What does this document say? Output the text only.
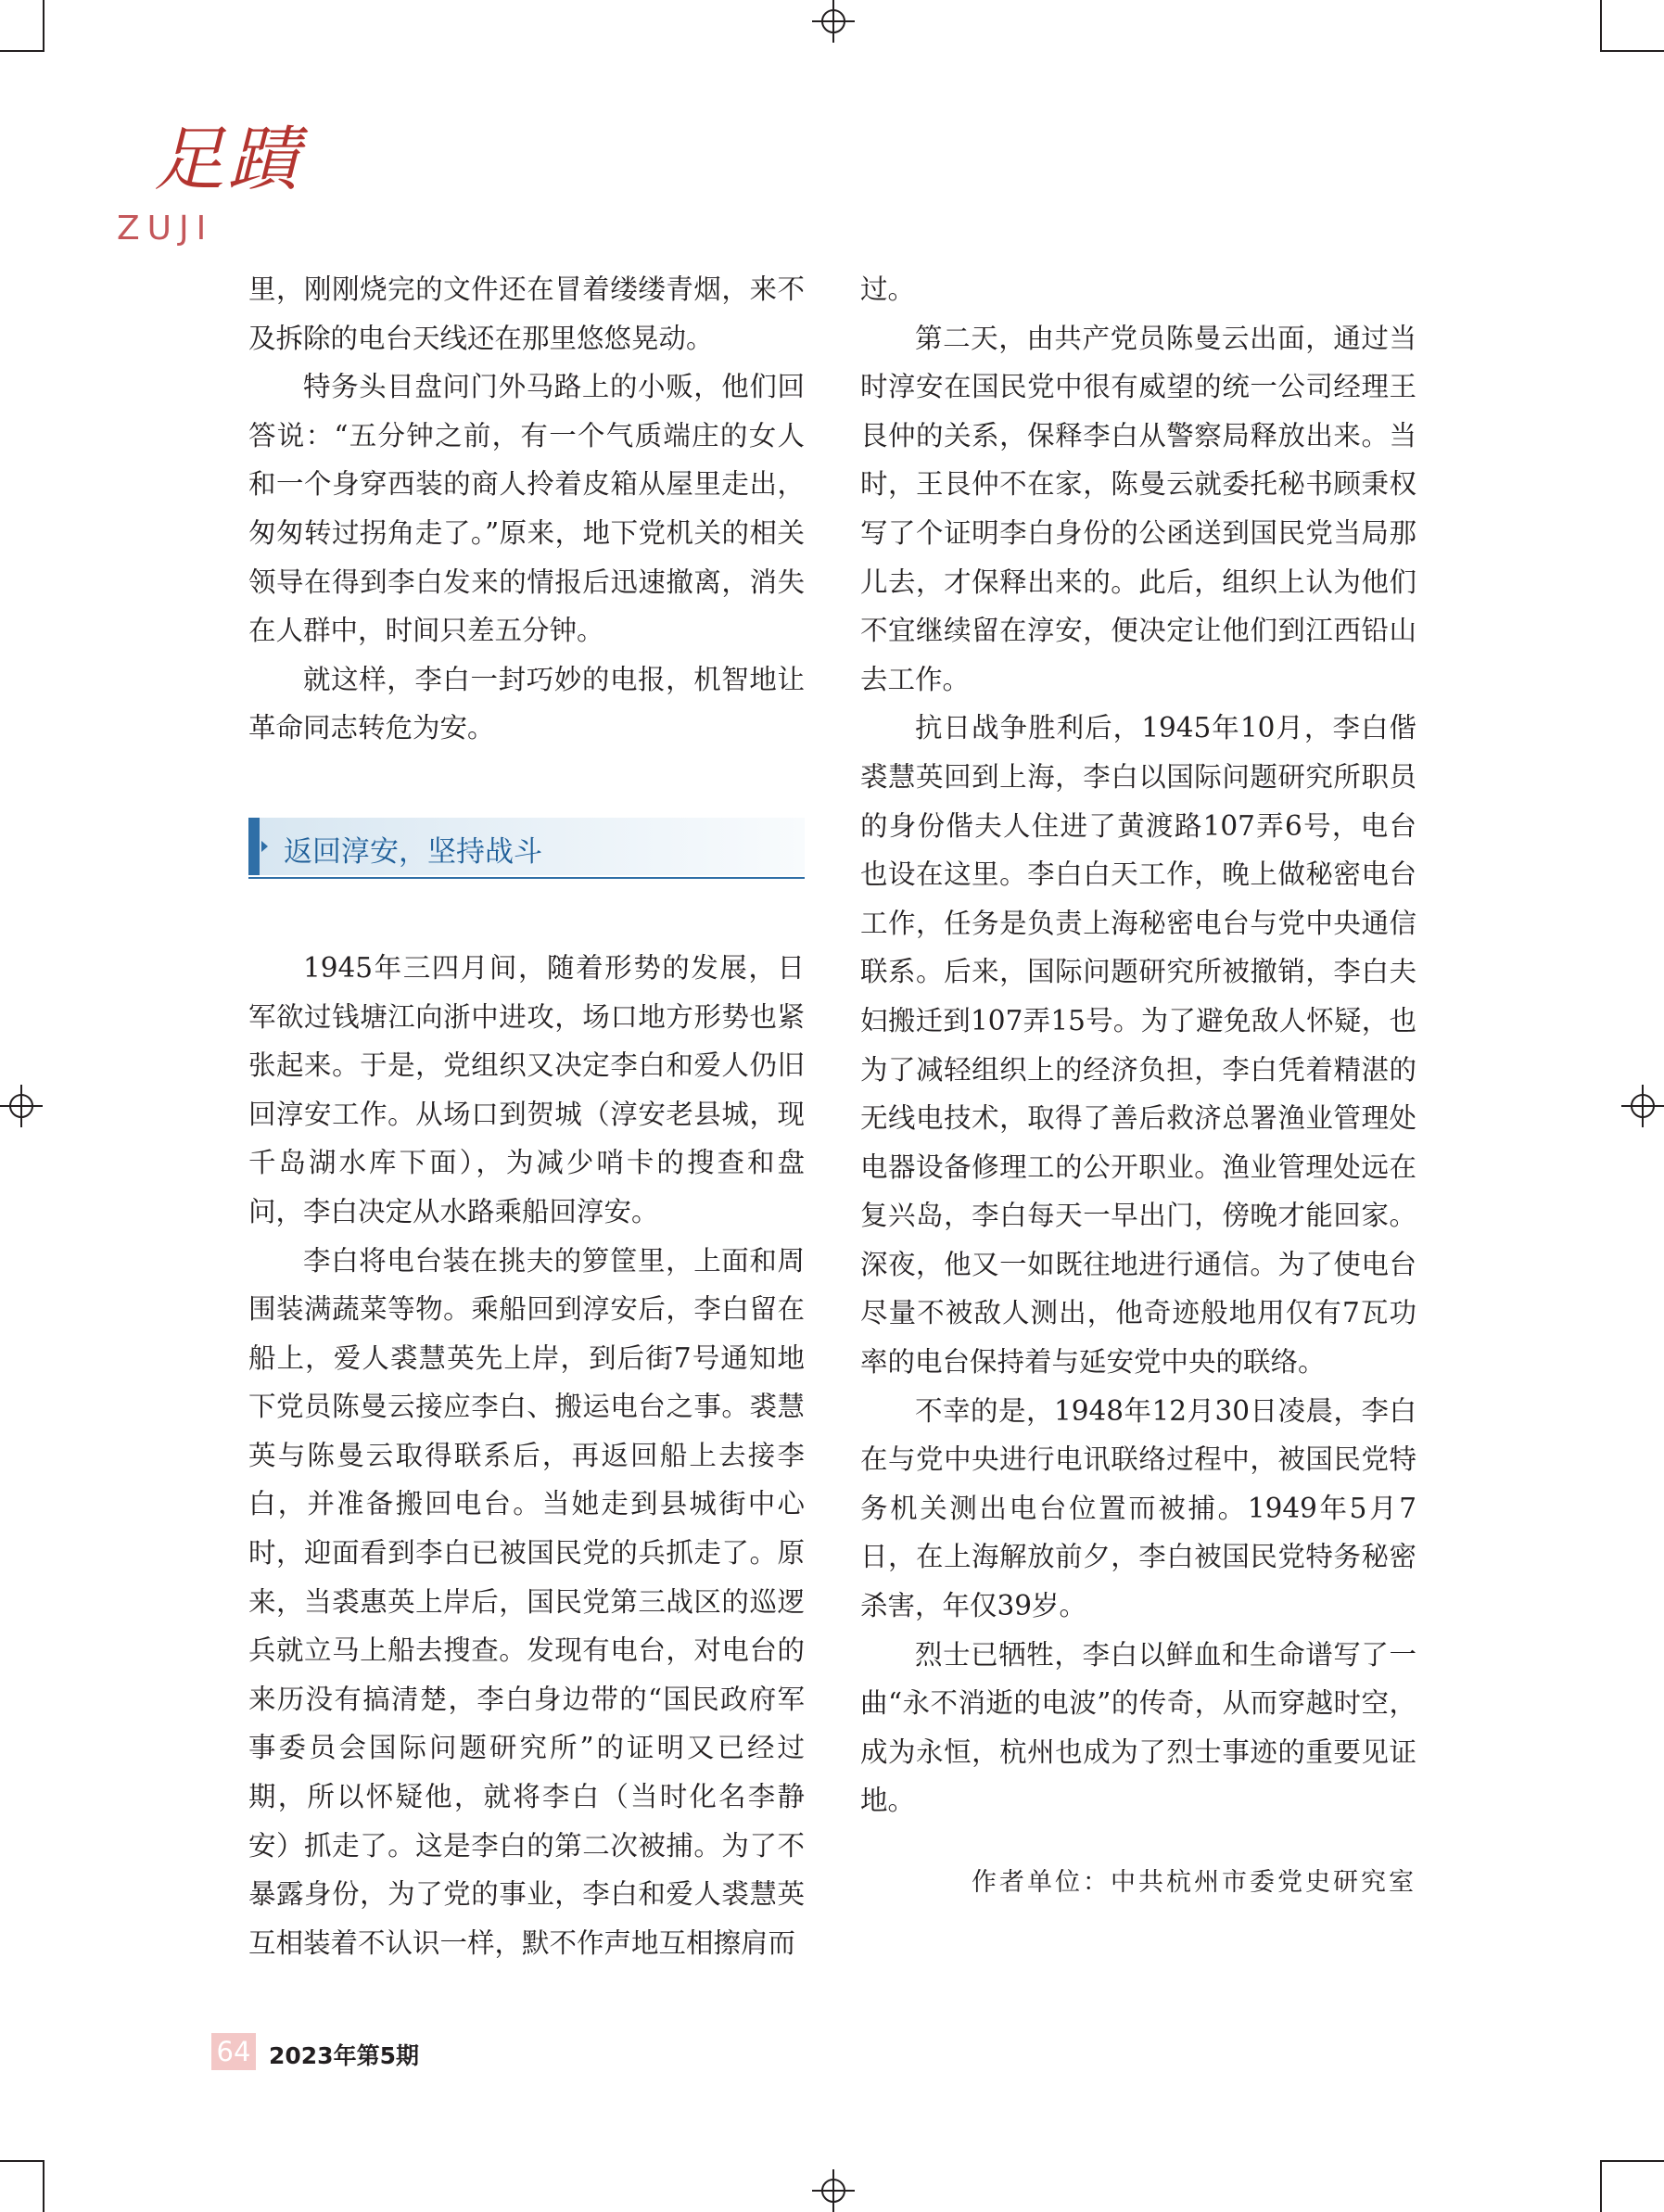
足蹟
ZUJI

里，刚刚烧完的文件还在冒着缕缕青烟，来不及拆除的电台天线还在那里悠悠晃动。

特务头目盘问门外马路上的小贩，他们回答说：“五分钟之前，有一个气质端庄的女人和一个身穿西装的商人拎着皮箱从屋里走出，匆匆转过拐角走了。”原来，地下党机关的相关领导在得到李白发来的情报后迅速撤离，消失在人群中，时间只差五分钟。

就这样，李白一封巧妙的电报，机智地让革命同志转危为安。

返回淳安，坚持战斗

1945年三四月间，随着形势的发展，日军欲过钱塘江向浙中进攻，场口地方形势也紧张起来。于是，党组织又决定李白和爱人仍旧回淳安工作。从场口到贺城（淳安老县城，现千岛湖水库下面），为减少哨卡的搜查和盘问，李白决定从水路乘船回淳安。

李白将电台装在挑夫的箩筐里，上面和周围装满蔬菜等物。乘船回到淳安后，李白留在船上，爱人裘慧英先上岸，到后街7号通知地下党员陈曼云接应李白、搬运电台之事。裘慧英与陈曼云取得联系后，再返回船上去接李白，并准备搬回电台。当她走到县城街中心时，迎面看到李白已被国民党的兵抓走了。原来，当裘惠英上岸后，国民党第三战区的巡逻兵就立马上船去搜查。发现有电台，对电台的来历没有搞清楚，李白身边带的“国民政府军事委员会国际问题研究所”的证明又已经过期，所以怀疑他，就将李白（当时化名李静安）抓走了。这是李白的第二次被捕。为了不暴露身份，为了党的事业，李白和爱人裘慧英互相装着不认识一样，默不作声地互相擦肩而

过。

第二天，由共产党员陈曼云出面，通过当时淳安在国民党中很有威望的统一公司经理王艮仲的关系，保释李白从警察局释放出来。当时，王艮仲不在家，陈曼云就委托秘书顾秉权写了个证明李白身份的公函送到国民党当局那儿去，才保释出来的。此后，组织上认为他们不宜继续留在淳安，便决定让他们到江西铅山去工作。

抗日战争胜利后，1945年10月，李白偕裘慧英回到上海，李白以国际问题研究所职员的身份偕夫人住进了黄渡路107弄6号，电台也设在这里。李白白天工作，晚上做秘密电台工作，任务是负责上海秘密电台与党中央通信联系。后来，国际问题研究所被撤销，李白夫妇搬迁到107弄15号。为了避免敌人怀疑，也为了减轻组织上的经济负担，李白凭着精湛的无线电技术，取得了善后救济总署渔业管理处电器设备修理工的公开职业。渔业管理处远在复兴岛，李白每天一早出门，傍晚才能回家。深夜，他又一如既往地进行通信。为了使电台尽量不被敌人测出，他奇迹般地用仅有7瓦功率的电台保持着与延安党中央的联络。

不幸的是，1948年12月30日凌晨，李白在与党中央进行电讯联络过程中，被国民党特务机关测出电台位置而被捕。1949年5月7日，在上海解放前夕，李白被国民党特务秘密杀害，年仅39岁。

烈士已牺牲，李白以鲜血和生命谱写了一曲“永不消逝的电波”的传奇，从而穿越时空，成为永恒，杭州也成为了烈士事迹的重要见证地。

作者单位：中共杭州市委党史研究室

64 2023年第5期
